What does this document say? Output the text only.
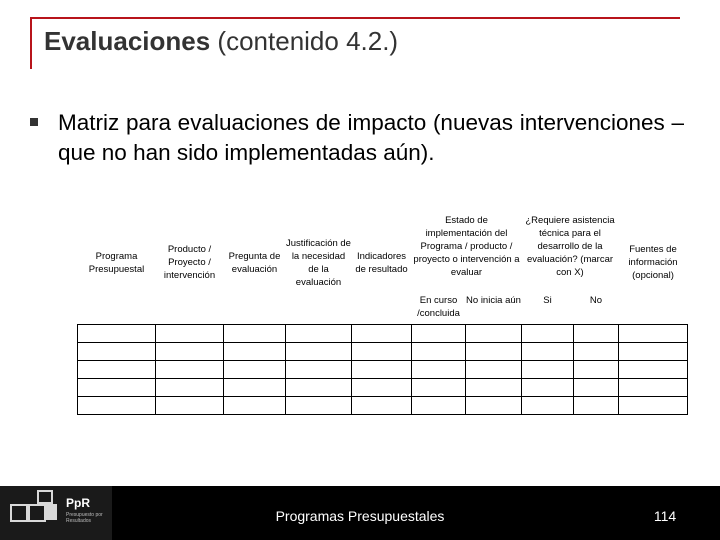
Evaluaciones (contenido 4.2.)
Matriz para evaluaciones de impacto (nuevas intervenciones – que no han sido implementadas aún).
Programa Presupuestal	Producto / Proyecto / intervención	Pregunta de evaluación	Justificación de la necesidad de la evaluación	Indicadores de resultado	Estado de implementación del Programa / producto / proyecto o intervención a evaluar		¿Requiere asistencia técnica para el desarrollo de la evaluación? (marcar con X)		Fuentes de información (opcional)
					En curso /concluida	No inicia aún	Si	No	

PpR
Presupuesto por Resultados	Programas Presupuestales	114
